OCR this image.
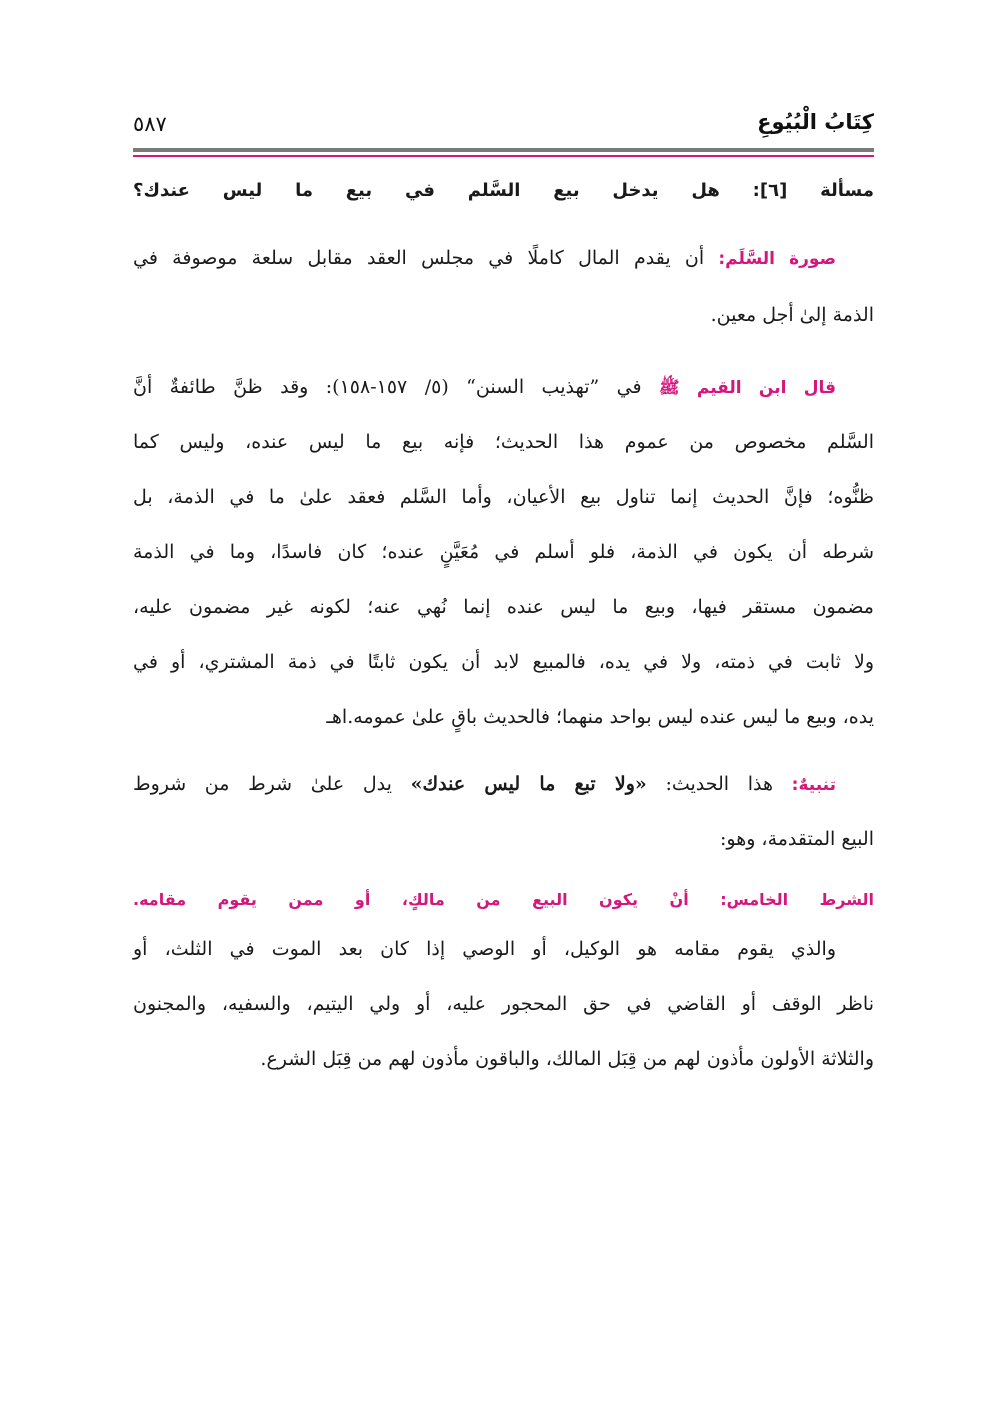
كِتَابُ الْبُيُوعِ
٥٨٧
مسألة [٦]: هل يدخل بيع السَّلم في بيع ما ليس عندك؟
صورة السَّلَم: أن يقدم المال كاملًا في مجلس العقد مقابل سلعة موصوفة في
الذمة إلىٰ أجل معين.
قال ابن القيم ﷺ في ”تهذيب السنن“ (٥/ ١٥٧-١٥٨): وقد ظنَّ طائفةٌ أنَّ
السَّلم مخصوص من عموم هذا الحديث؛ فإنه بيع ما ليس عنده، وليس كما
ظنُّوه؛ فإنَّ الحديث إنما تناول بيع الأعيان، وأما السَّلم فعقد علىٰ ما في الذمة، بل
شرطه أن يكون في الذمة، فلو أسلم في مُعَيَّنٍ عنده؛ كان فاسدًا، وما في الذمة
مضمون مستقر فيها، وبيع ما ليس عنده إنما نُهي عنه؛ لكونه غير مضمون عليه،
ولا ثابت في ذمته، ولا في يده، فالمبيع لابد أن يكون ثابتًا في ذمة المشتري، أو في
يده، وبيع ما ليس عنده ليس بواحد منهما؛ فالحديث باقٍ علىٰ عمومه.اهـ
تنبيهٌ: هذا الحديث: «ولا تبع ما ليس عندك» يدل علىٰ شرط من شروط
البيع المتقدمة، وهو:
الشرط الخامس: أنْ يكون البيع من مالكٍ، أو ممن يقوم مقامه.
والذي يقوم مقامه هو الوكيل، أو الوصي إذا كان بعد الموت في الثلث، أو
ناظر الوقف أو القاضي في حق المحجور عليه، أو ولي اليتيم، والسفيه، والمجنون
والثلاثة الأولون مأذون لهم من قِبَل المالك، والباقون مأذون لهم من قِبَل الشرع.
